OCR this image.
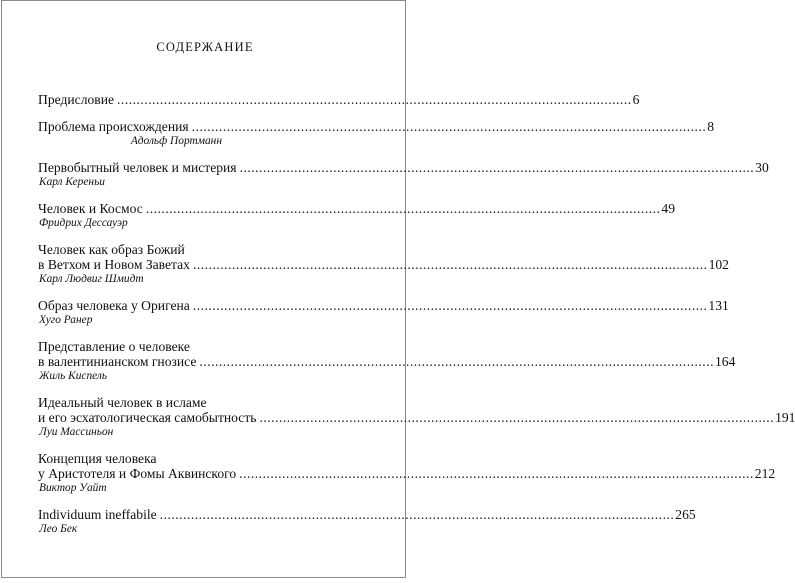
СОДЕРЖАНИЕ
Предисловие .................................................................................................................................... 6
Проблема происхождения .................................................................................................................................... 8
Адольф Портманн
Первобытный человек и мистерия .................................................................................................................................... 30
Карл Кереньи
Человек и Космос .................................................................................................................................... 49
Фридрих Дессауэр
Человек как образ Божий
в Ветхом и Новом Заветах .................................................................................................................................... 102
Карл Людвиг Шмидт
Образ человека у Оригена .................................................................................................................................... 131
Хуго Ранер
Представление о человеке
в валентинианском гнозисе .................................................................................................................................... 164
Жиль Киспель
Идеальный человек в исламе
и его эсхатологическая самобытность .................................................................................................................................... 191
Луи Массиньон
Концепция человека
у Аристотеля и Фомы Аквинского .................................................................................................................................... 212
Виктор Уайт
Individuum ineffabile .................................................................................................................................... 265
Лео Бек
